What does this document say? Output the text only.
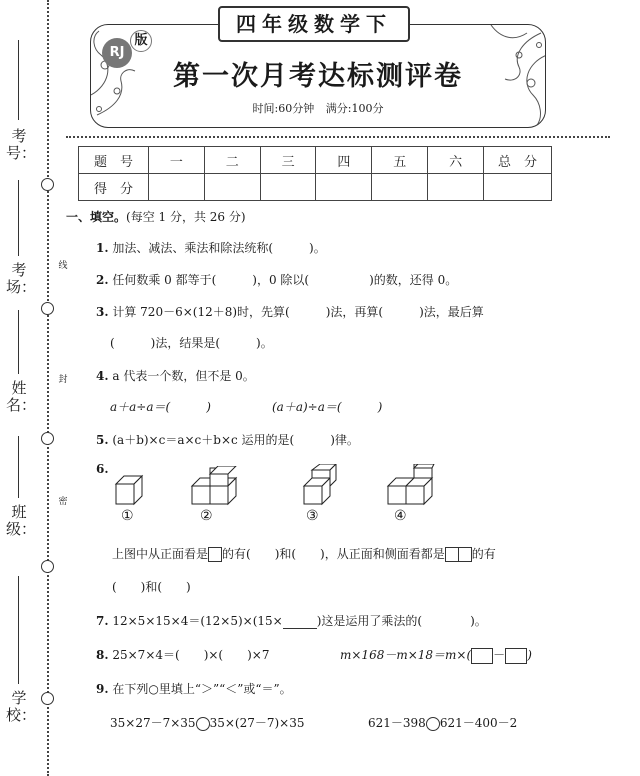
考号：
考场：
姓名：
班级：
学校：
线
封
密
四年级数学下
RJ
版
第一次月考达标测评卷
时间:60分钟 满分:100分
题　号	一	二	三	四	五	六	总　分
得　分							
一、填空。(每空 1 分，共 26 分)
1. 加法、减法、乘法和除法统称(　　　)。
2. 任何数乘 0 都等于(　　　)，0 除以(　　　　　)的数，还得 0。
3. 计算 720－6×(12＋8)时，先算(　　　)法，再算(　　　)法，最后算
(　　　)法，结果是(　　　)。
4. a 代表一个数，但不是 0。
a＋a÷a＝(　　　)	(a＋a)÷a＝(　　　)
5. (a＋b)×c＝a×c＋b×c 运用的是(　　　)律。
6.
①	②	③	④
上图中从正面看是 的有(　　)和(　　)，从正面和侧面看都是 的有
(　　)和(　　)
7. 12×5×15×4＝(12×5)×(15×	)这是运用了乘法的(　　　　)。
8. 25×7×4＝(　　)×(　　)×7	m×168－m×18＝m×( － )
9. 在下列○里填上“＞”“＜”或“＝”。
35×27－7×35 35×(27－7)×35	621－398 621－400－2
